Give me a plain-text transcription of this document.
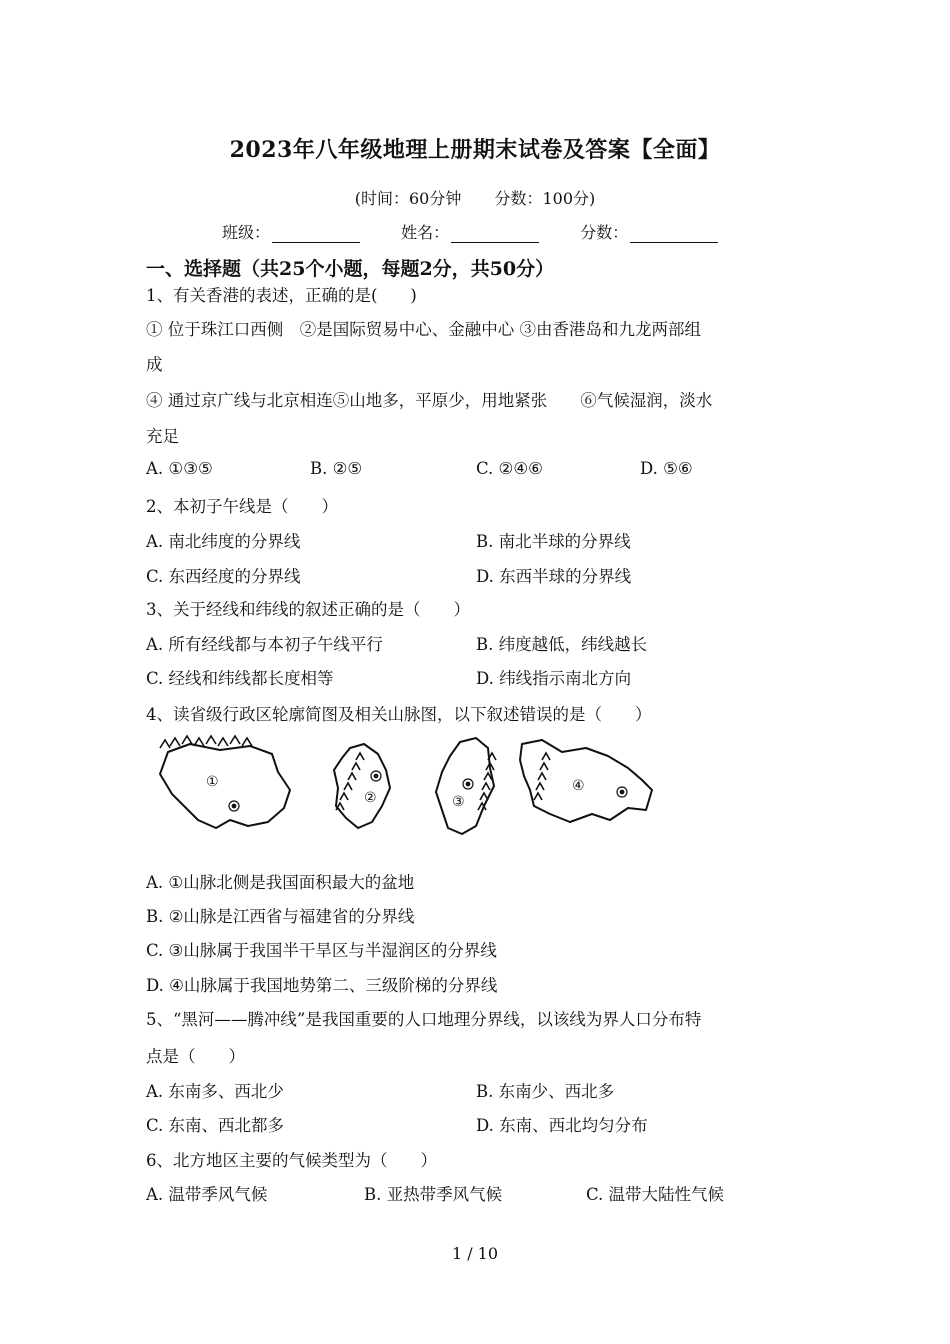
2023年八年级地理上册期末试卷及答案【全面】
(时间：60分钟 分数：100分)
班级：	姓名：	分数：
一、选择题（共25个小题，每题2分，共50分）
1、有关香港的表述，正确的是(　　)
① 位于珠江口西侧　②是国际贸易中心、金融中心 ③由香港岛和九龙两部组
成
④ 通过京广线与北京相连⑤山地多，平原少，用地紧张　　⑥气候湿润，淡水
充足
A. ①③⑤	B. ②⑤	C. ②④⑥	D. ⑤⑥
2、本初子午线是（　　）
A. 南北纬度的分界线	B. 南北半球的分界线
C. 东西经度的分界线	D. 东西半球的分界线
3、关于经线和纬线的叙述正确的是（　　）
A. 所有经线都与本初子午线平行	B. 纬度越低，纬线越长
C. 经线和纬线都长度相等	D. 纬线指示南北方向
4、读省级行政区轮廓简图及相关山脉图，以下叙述错误的是（　　）
①
②	③
④
A. ①山脉北侧是我国面积最大的盆地
B. ②山脉是江西省与福建省的分界线
C. ③山脉属于我国半干旱区与半湿润区的分界线
D. ④山脉属于我国地势第二、三级阶梯的分界线
5、“黑河——腾冲线”是我国重要的人口地理分界线，以该线为界人口分布特
点是（　　）
A. 东南多、西北少	B. 东南少、西北多
C. 东南、西北都多	D. 东南、西北均匀分布
6、北方地区主要的气候类型为（　　）
A. 温带季风气候	B. 亚热带季风气候	C. 温带大陆性气候
1 / 10
